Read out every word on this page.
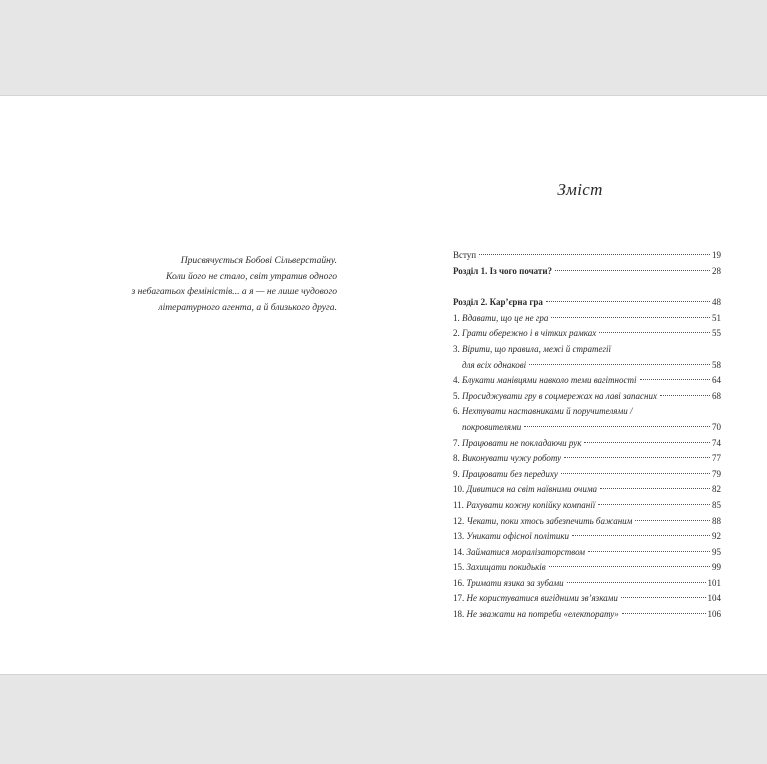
Присвячується Бобові Сільверстайну.
Коли його не стало, світ утратив одного
з небагатьох феміністів... а я — не лише чудового
літературного агента, а й близького друга.
Зміст
Вступ	19
Розділ 1. Із чого почати?	28
Розділ 2. Кар’єрна гра	48
1. Вдавати, що це не гра	51
2. Грати обережно і в чітких рамках	55
3. Вірити, що правила, межі й стратегії
для всіх однакові	58
4. Блукати манівцями навколо теми вагітності	64
5. Просиджувати гру в соцмережах на лаві запасних	68
6. Нехтувати наставниками й поручителями /
покровителями	70
7. Працювати не покладаючи рук	74
8. Виконувати чужу роботу	77
9. Працювати без передиху	79
10. Дивитися на світ наївними очима	82
11. Рахувати кожну копійку компанії	85
12. Чекати, поки хтось забезпечить бажаним	88
13. Уникати офісної політики	92
14. Займатися моралізаторством	95
15. Захищати покидьків	99
16. Тримати язика за зубами	101
17. Не користуватися вигідними зв’язками	104
18. Не зважати на потреби «електорату»	106
